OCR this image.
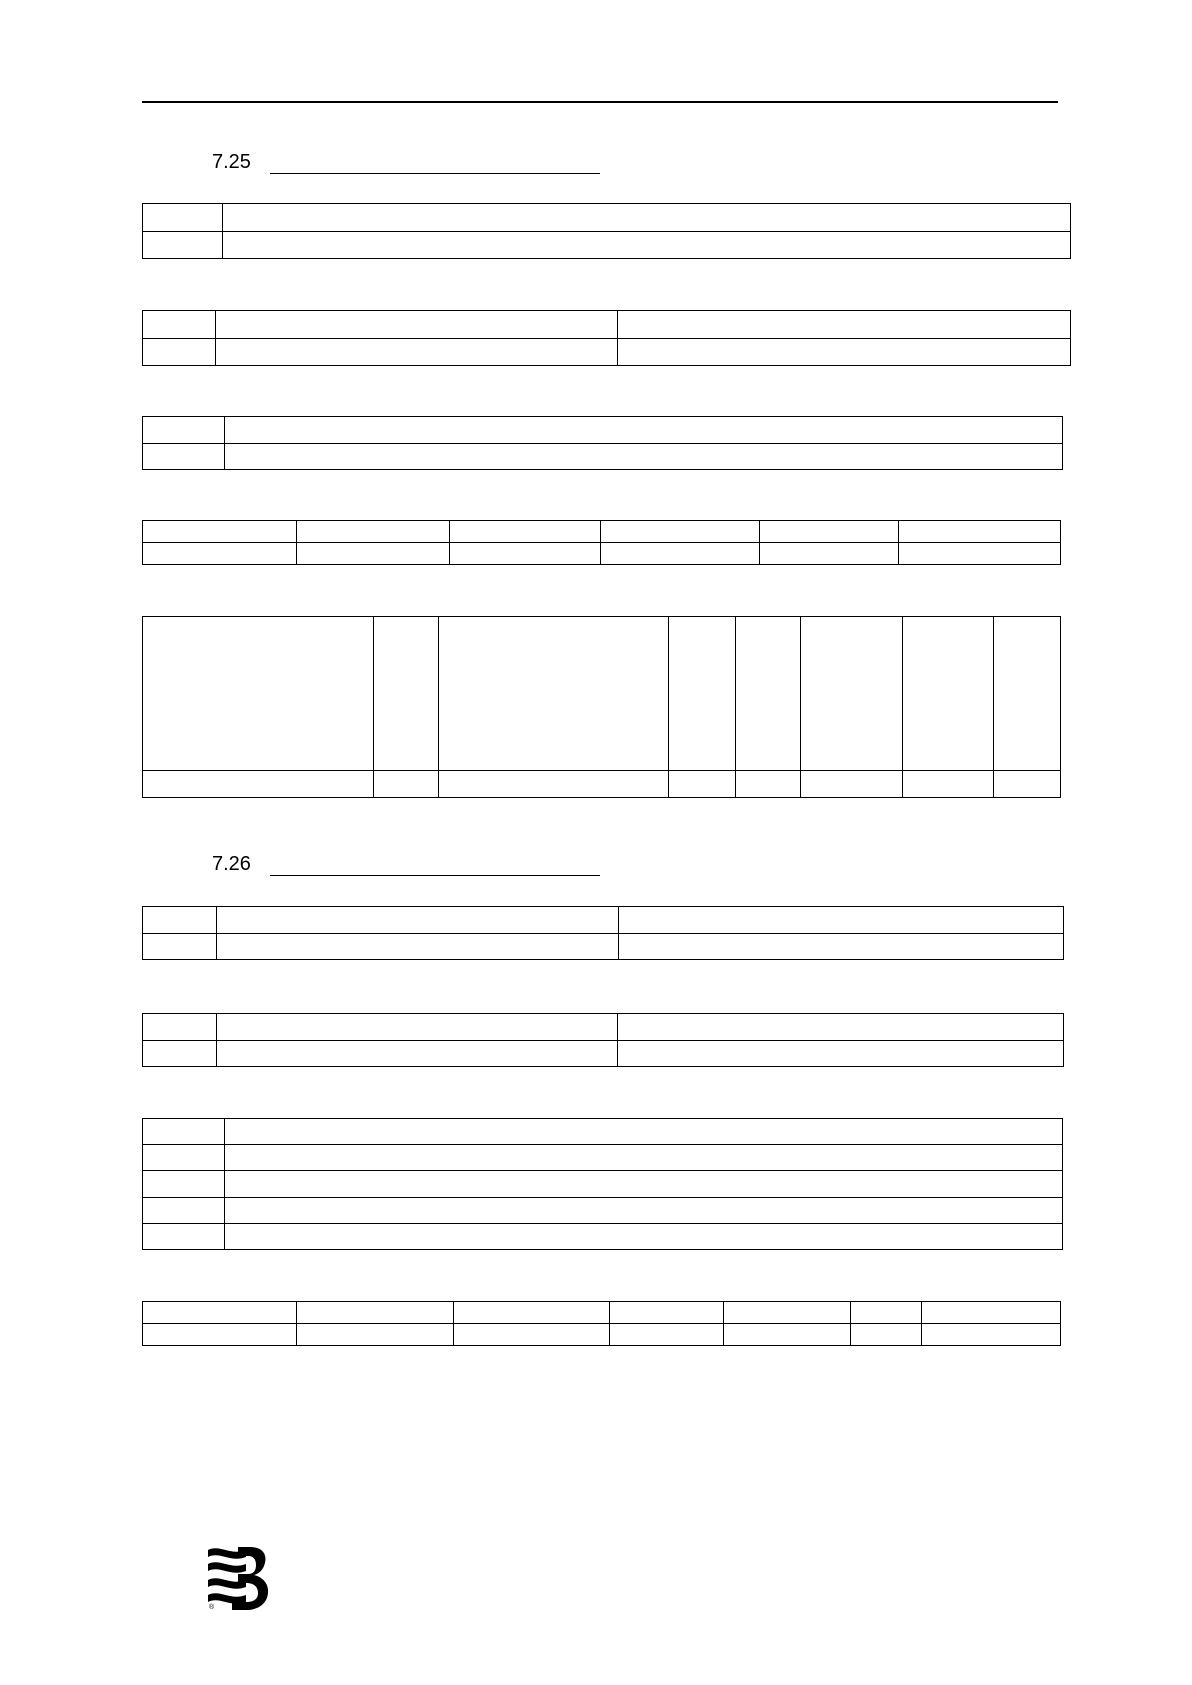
7.25

7.26

®
